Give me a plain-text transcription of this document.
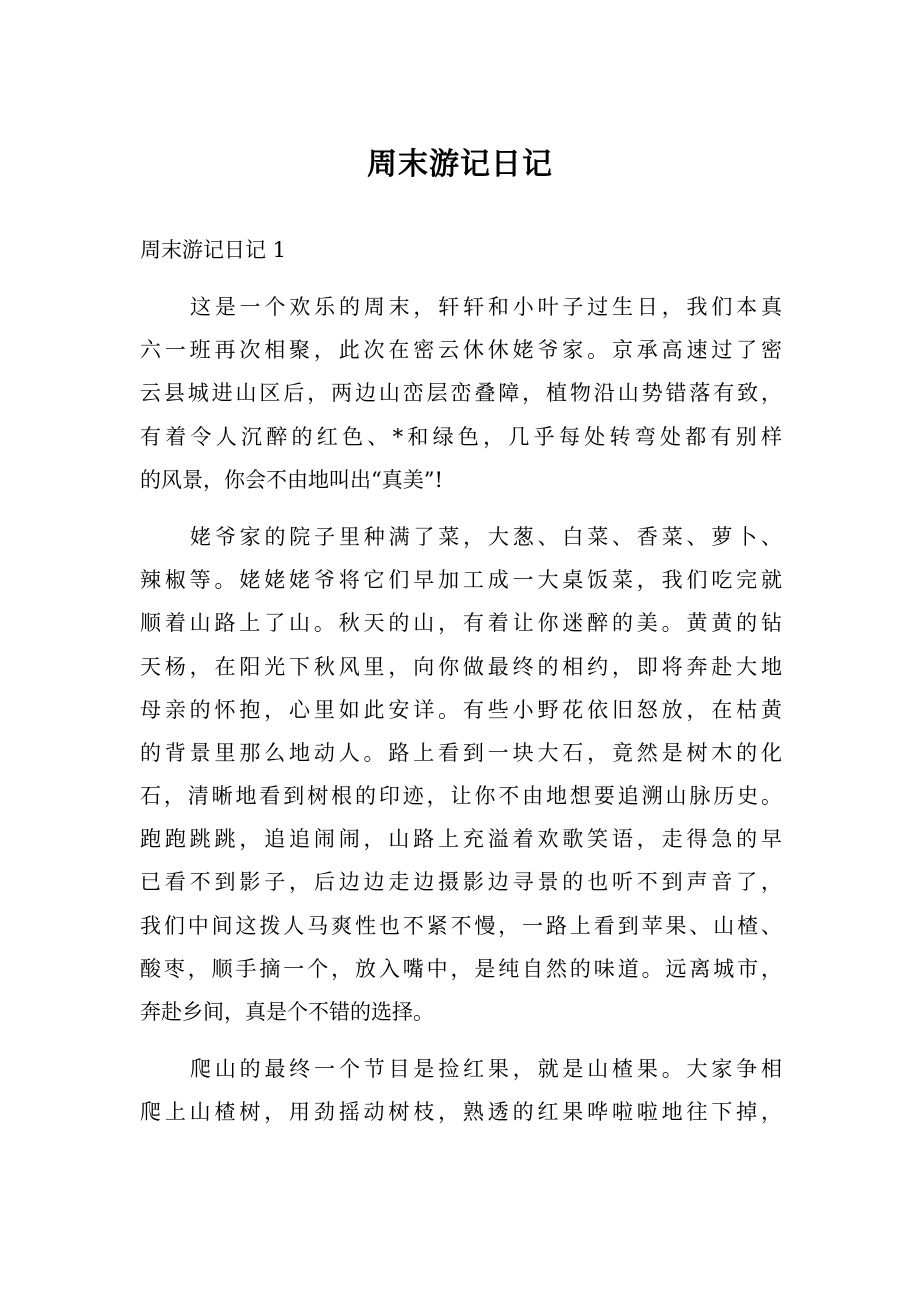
周末游记日记
周末游记日记 1
这是一个欢乐的周末，轩轩和小叶子过生日，我们本真
六一班再次相聚，此次在密云休休姥爷家。京承高速过了密
云县城进山区后，两边山峦层峦叠障，植物沿山势错落有致，
有着令人沉醉的红色、*和绿色，几乎每处转弯处都有别样
的风景，你会不由地叫出“真美”!
姥爷家的院子里种满了菜，大葱、白菜、香菜、萝卜、
辣椒等。姥姥姥爷将它们早加工成一大桌饭菜，我们吃完就
顺着山路上了山。秋天的山，有着让你迷醉的美。黄黄的钻
天杨，在阳光下秋风里，向你做最终的相约，即将奔赴大地
母亲的怀抱，心里如此安详。有些小野花依旧怒放，在枯黄
的背景里那么地动人。路上看到一块大石，竟然是树木的化
石，清晰地看到树根的印迹，让你不由地想要追溯山脉历史。
跑跑跳跳，追追闹闹，山路上充溢着欢歌笑语，走得急的早
已看不到影子，后边边走边摄影边寻景的也听不到声音了，
我们中间这拨人马爽性也不紧不慢，一路上看到苹果、山楂、
酸枣，顺手摘一个，放入嘴中，是纯自然的味道。远离城市，
奔赴乡间，真是个不错的选择。
爬山的最终一个节目是捡红果，就是山楂果。大家争相
爬上山楂树，用劲摇动树枝，熟透的红果哗啦啦地往下掉，
